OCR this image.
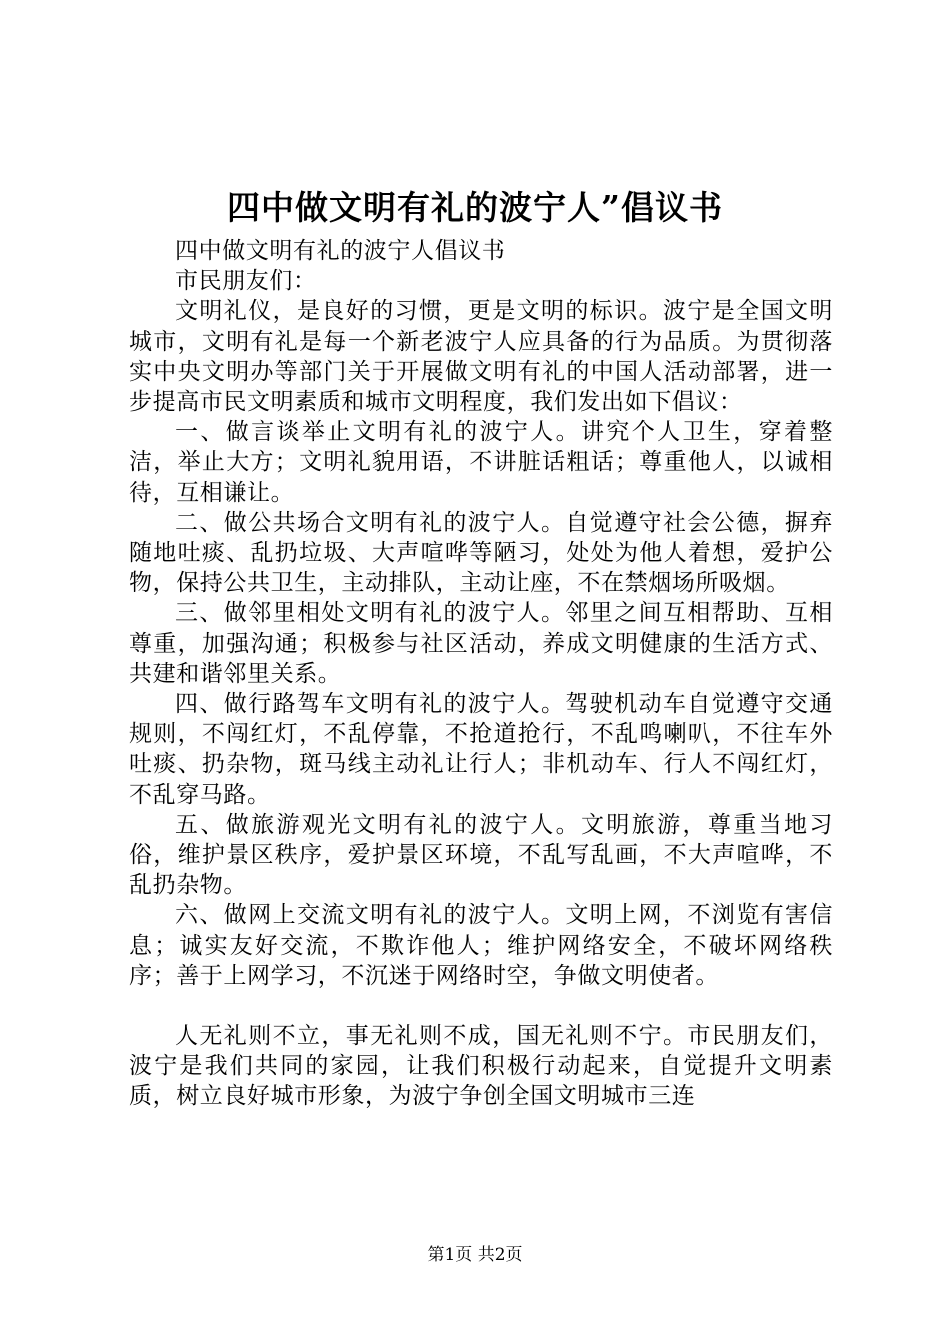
四中做文明有礼的波宁人”倡议书

四中做文明有礼的波宁人倡议书

市民朋友们：

文明礼仪，是良好的习惯，更是文明的标识。波宁是全国文明城市，文明有礼是每一个新老波宁人应具备的行为品质。为贯彻落实中央文明办等部门关于开展做文明有礼的中国人活动部署，进一步提高市民文明素质和城市文明程度，我们发出如下倡议：

一、做言谈举止文明有礼的波宁人。讲究个人卫生，穿着整洁，举止大方；文明礼貌用语，不讲脏话粗话；尊重他人，以诚相待，互相谦让。

二、做公共场合文明有礼的波宁人。自觉遵守社会公德，摒弃随地吐痰、乱扔垃圾、大声喧哗等陋习，处处为他人着想，爱护公物，保持公共卫生，主动排队，主动让座，不在禁烟场所吸烟。

三、做邻里相处文明有礼的波宁人。邻里之间互相帮助、互相尊重，加强沟通；积极参与社区活动，养成文明健康的生活方式、共建和谐邻里关系。

四、做行路驾车文明有礼的波宁人。驾驶机动车自觉遵守交通规则，不闯红灯，不乱停靠，不抢道抢行，不乱鸣喇叭，不往车外吐痰、扔杂物，斑马线主动礼让行人；非机动车、行人不闯红灯，不乱穿马路。

五、做旅游观光文明有礼的波宁人。文明旅游，尊重当地习俗，维护景区秩序，爱护景区环境，不乱写乱画，不大声喧哗，不乱扔杂物。

六、做网上交流文明有礼的波宁人。文明上网，不浏览有害信息；诚实友好交流，不欺诈他人；维护网络安全，不破坏网络秩序；善于上网学习，不沉迷于网络时空，争做文明使者。

人无礼则不立，事无礼则不成，国无礼则不宁。市民朋友们，波宁是我们共同的家园，让我们积极行动起来，自觉提升文明素质，树立良好城市形象，为波宁争创全国文明城市三连

第1页 共2页
